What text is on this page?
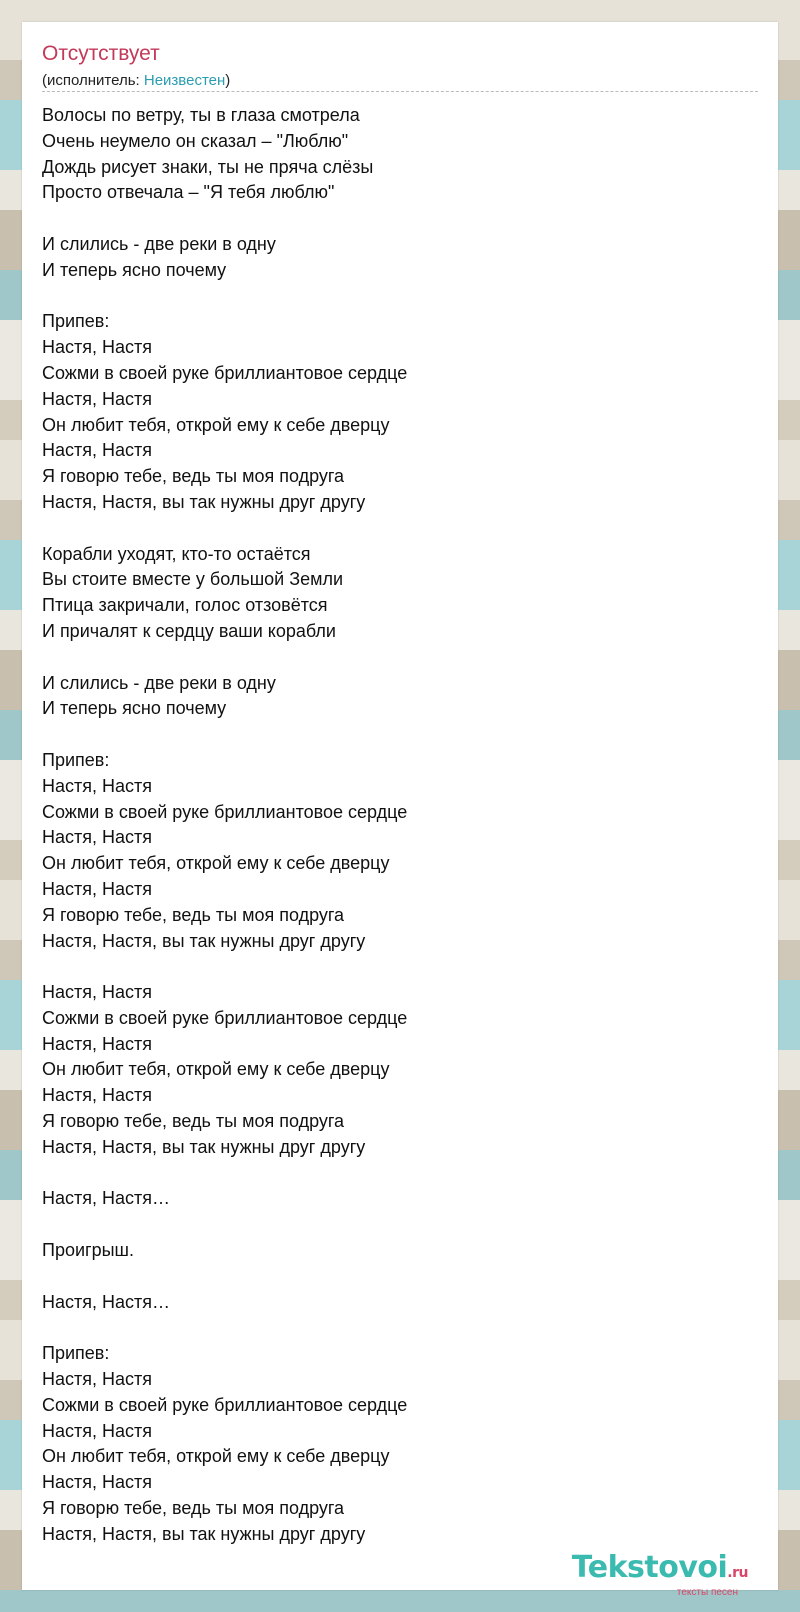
Отсутствует
(исполнитель: Неизвестен)
Волосы по ветру, ты в глаза смотрела
Очень неумело он сказал – "Люблю"
Дождь рисует знаки, ты не пряча слёзы
Просто отвечала – "Я тебя люблю"

И слились - две реки в одну
И теперь ясно почему

Припев:
Настя, Настя
Сожми в своей руке бриллиантовое сердце
Настя, Настя
Он любит тебя, открой ему к себе дверцу
Настя, Настя
Я говорю тебе, ведь ты моя подруга
Настя, Настя, вы так нужны друг другу

Корабли уходят, кто-то остаётся
Вы стоите вместе у большой Земли
Птица закричали, голос отзовётся
И причалят к сердцу ваши корабли

И слились - две реки в одну
И теперь ясно почему

Припев:
Настя, Настя
Сожми в своей руке бриллиантовое сердце
Настя, Настя
Он любит тебя, открой ему к себе дверцу
Настя, Настя
Я говорю тебе, ведь ты моя подруга
Настя, Настя, вы так нужны друг другу

Настя, Настя
Сожми в своей руке бриллиантовое сердце
Настя, Настя
Он любит тебя, открой ему к себе дверцу
Настя, Настя
Я говорю тебе, ведь ты моя подруга
Настя, Настя, вы так нужны друг другу

Настя, Настя…

Проигрыш.

Настя, Настя…

Припев:
Настя, Настя
Сожми в своей руке бриллиантовое сердце
Настя, Настя
Он любит тебя, открой ему к себе дверцу
Настя, Настя
Я говорю тебе, ведь ты моя подруга
Настя, Настя, вы так нужны друг другу
Tekstovoi.ru
тексты песен
